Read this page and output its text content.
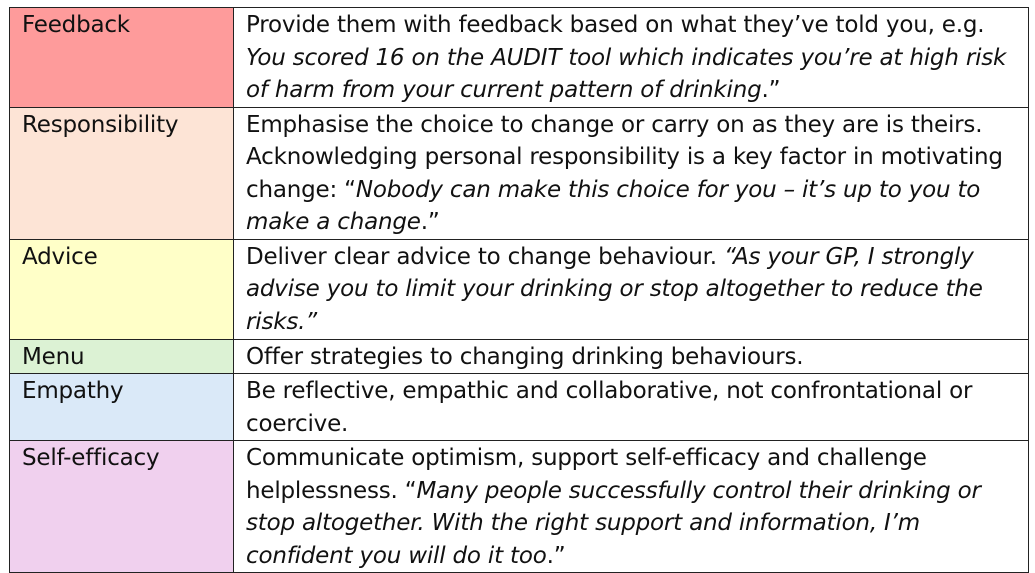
Feedback	Provide them with feedback based on what they’ve told you, e.g. You scored 16 on the AUDIT tool which indicates you’re at high risk of harm from your current pattern of drinking.”
Responsibility	Emphasise the choice to change or carry on as they are is theirs. Acknowledging personal responsibility is a key factor in motivating change: “Nobody can make this choice for you – it’s up to you to make a change.”
Advice	Deliver clear advice to change behaviour. “As your GP, I strongly advise you to limit your drinking or stop altogether to reduce the risks.”
Menu	Offer strategies to changing drinking behaviours.
Empathy	Be reflective, empathic and collaborative, not confrontational or coercive.
Self-efficacy	Communicate optimism, support self-efficacy and challenge helplessness. “Many people successfully control their drinking or stop altogether. With the right support and information, I’m confident you will do it too.”
